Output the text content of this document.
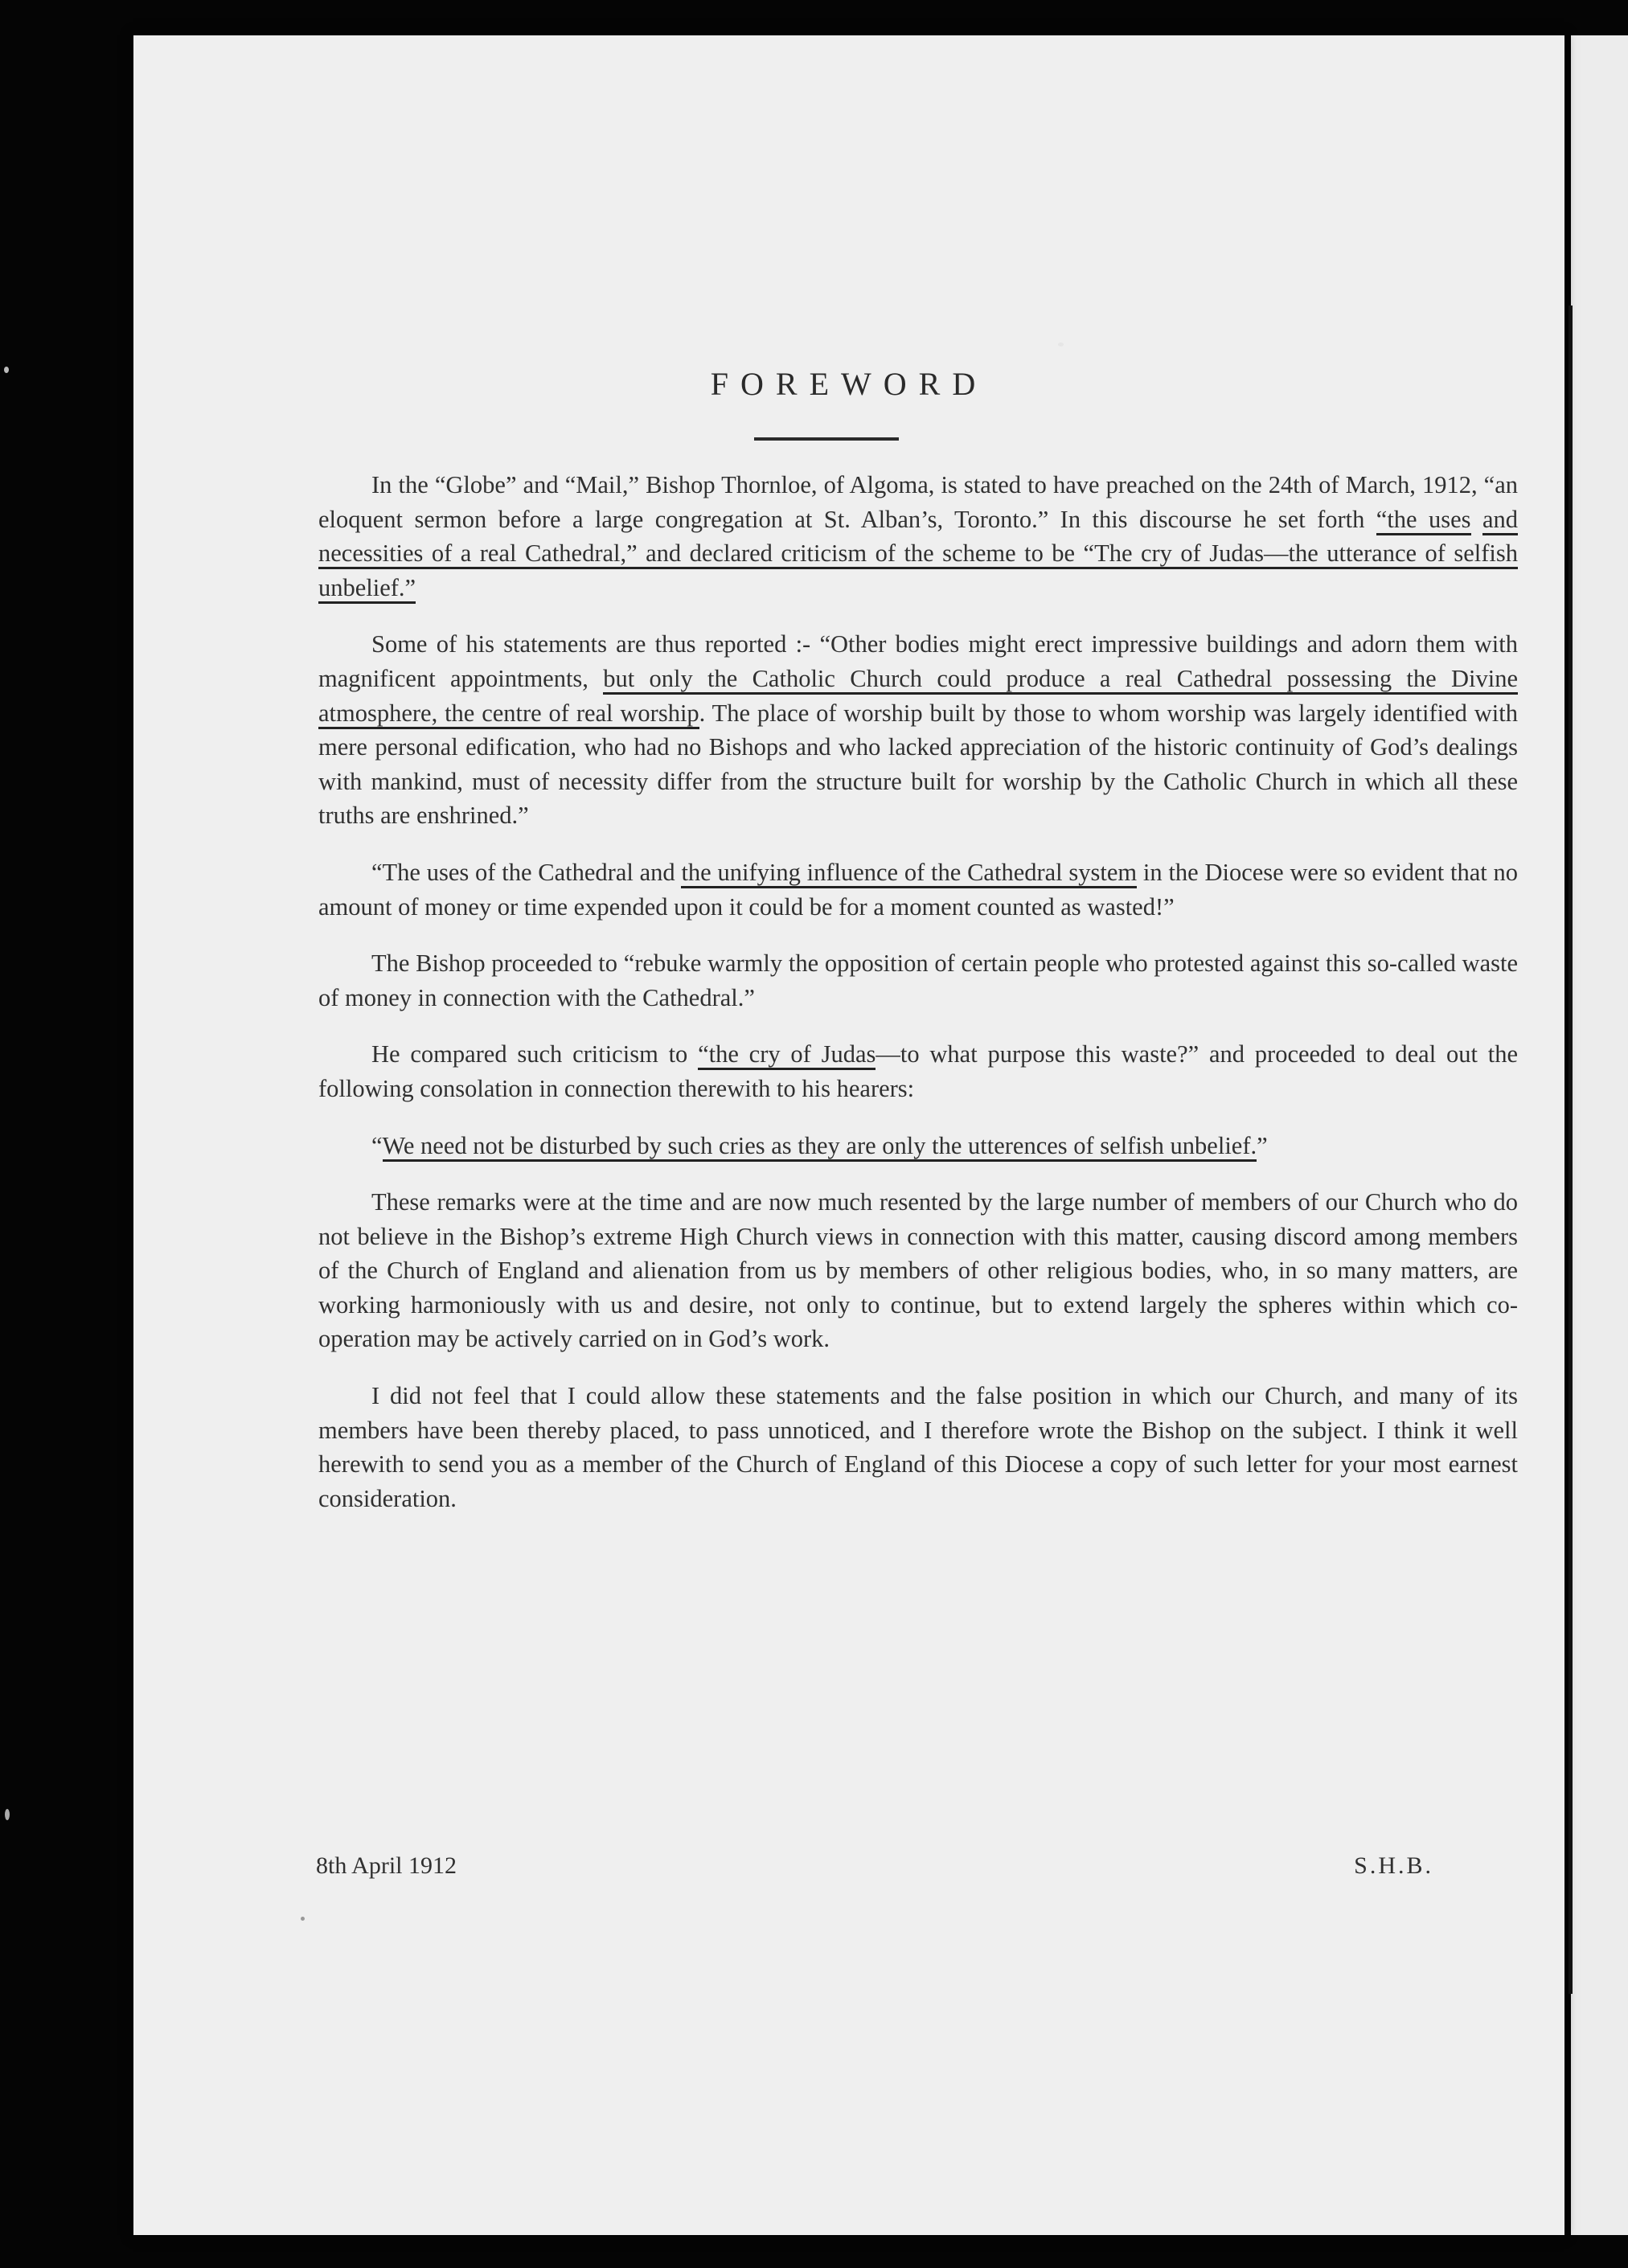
FOREWORD

In the “Globe” and “Mail,” Bishop Thornloe, of Algoma, is stated to have preached on the 24th of March, 1912, “an eloquent sermon before a large congregation at St. Alban’s, Toronto.” In this discourse he set forth “the uses and necessities of a real Cathedral,” and declared criticism of the scheme to be “The cry of Judas—the utterance of selfish unbelief.”

Some of his statements are thus reported :- “Other bodies might erect impressive buildings and adorn them with magnificent appointments, but only the Catholic Church could produce a real Cathedral possessing the Divine atmosphere, the centre of real worship. The place of worship built by those to whom worship was largely identified with mere personal edification, who had no Bishops and who lacked appreciation of the historic continuity of God’s dealings with mankind, must of necessity differ from the structure built for worship by the Catholic Church in which all these truths are enshrined.”

“The uses of the Cathedral and the unifying influence of the Cathedral system in the Diocese were so evident that no amount of money or time expended upon it could be for a moment counted as wasted!”

The Bishop proceeded to “rebuke warmly the opposition of certain people who protested against this so-called waste of money in connection with the Cathedral.”

He compared such criticism to “the cry of Judas—to what purpose this waste?” and proceeded to deal out the following consolation in connection therewith to his hearers:

“We need not be disturbed by such cries as they are only the utterences of selfish unbelief.”

These remarks were at the time and are now much resented by the large number of members of our Church who do not believe in the Bishop’s extreme High Church views in connection with this matter, causing discord among members of the Church of England and alienation from us by members of other religious bodies, who, in so many matters, are working harmoniously with us and desire, not only to continue, but to extend largely the spheres within which co-operation may be actively carried on in God’s work.

I did not feel that I could allow these statements and the false position in which our Church, and many of its members have been thereby placed, to pass unnoticed, and I therefore wrote the Bishop on the subject. I think it well herewith to send you as a member of the Church of England of this Diocese a copy of such letter for your most earnest consideration.

8th April 1912	S.H.B.
